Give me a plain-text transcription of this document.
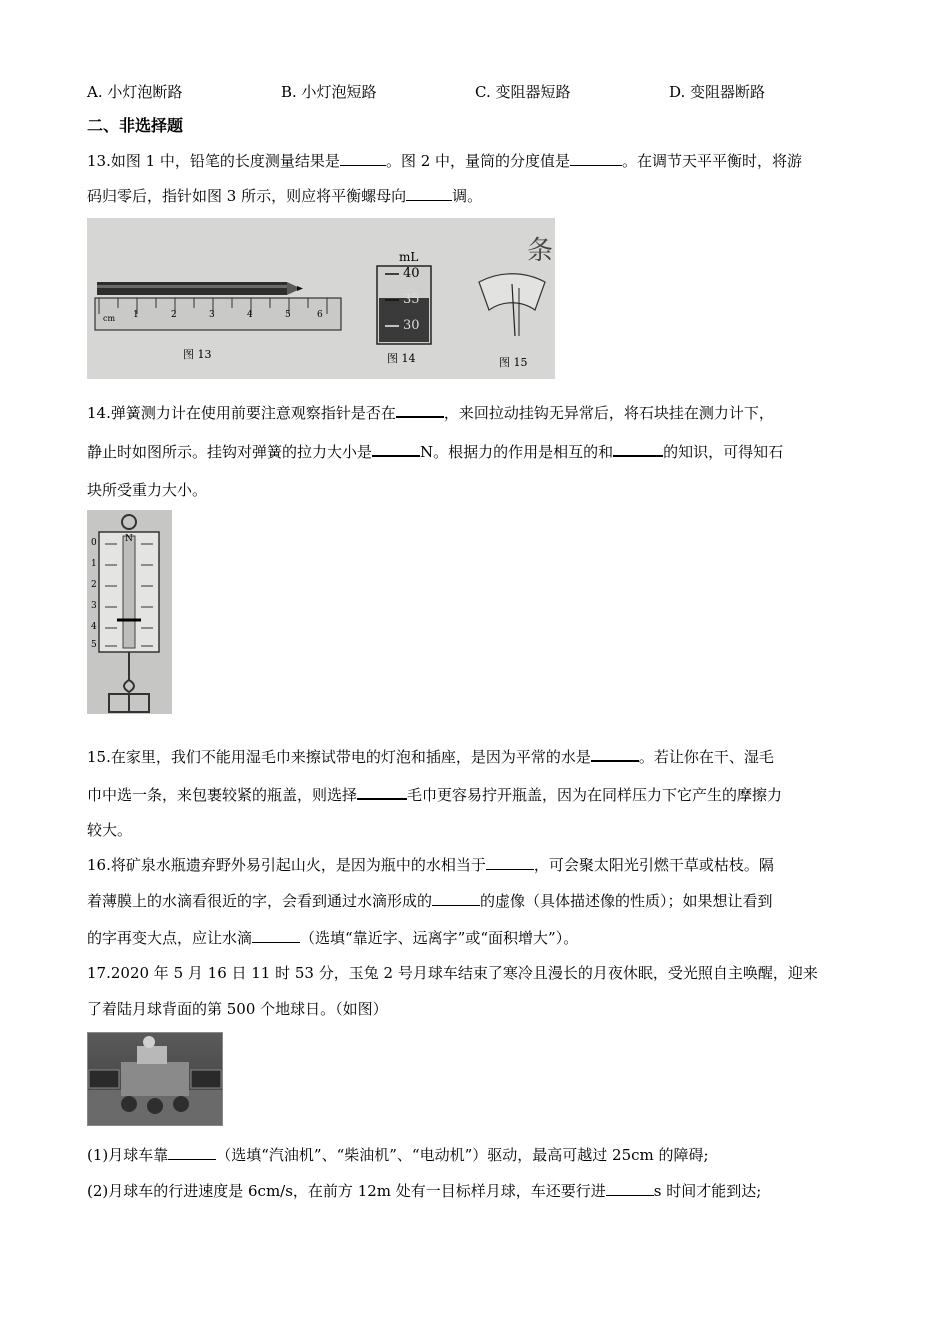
A. 小灯泡断路	B. 小灯泡短路	C. 变阻器短路	D. 变阻器断路
二、非选择题
13.如图 1 中，铅笔的长度测量结果是	。图 2 中，量筒的分度值是	。在调节天平平衡时，将游
码归零后，指针如图 3 所示，则应将平衡螺母向	调。
6
cm	2	3	4	5
1
mL
40
35
30
条
图 13	图 14	图 15
14.弹簧测力计在使用前要注意观察指针是否在	，来回拉动挂钩无异常后，将石块挂在测力计下，
静止时如图所示。挂钩对弹簧的拉力大小是	N。根据力的作用是相互的和	的知识，可得知石
块所受重力大小。
N
0
1
2
3
4
5
15.在家里，我们不能用湿毛巾来擦试带电的灯泡和插座，是因为平常的水是	。若让你在干、湿毛
巾中选一条，来包裹较紧的瓶盖，则选择	毛巾更容易拧开瓶盖，因为在同样压力下它产生的摩擦力
较大。
16.将矿泉水瓶遗弃野外易引起山火，是因为瓶中的水相当于	，可会聚太阳光引燃干草或枯枝。隔
着薄膜上的水滴看很近的字，会看到通过水滴形成的	的虚像（具体描述像的性质）；如果想让看到
的字再变大点，应让水滴	（选填“靠近字、远离字”或“面积增大”）。
17.2020 年 5 月 16 日 11 时 53 分，玉兔 2 号月球车结束了寒冷且漫长的月夜休眠，受光照自主唤醒，迎来
了着陆月球背面的第 500 个地球日。（如图）
(1)月球车靠	（选填“汽油机”、“柴油机”、“电动机”）驱动，最高可越过 25cm 的障碍;
(2)月球车的行进速度是 6cm/s，在前方 12m 处有一目标样月球，车还要行进	s 时间才能到达;
